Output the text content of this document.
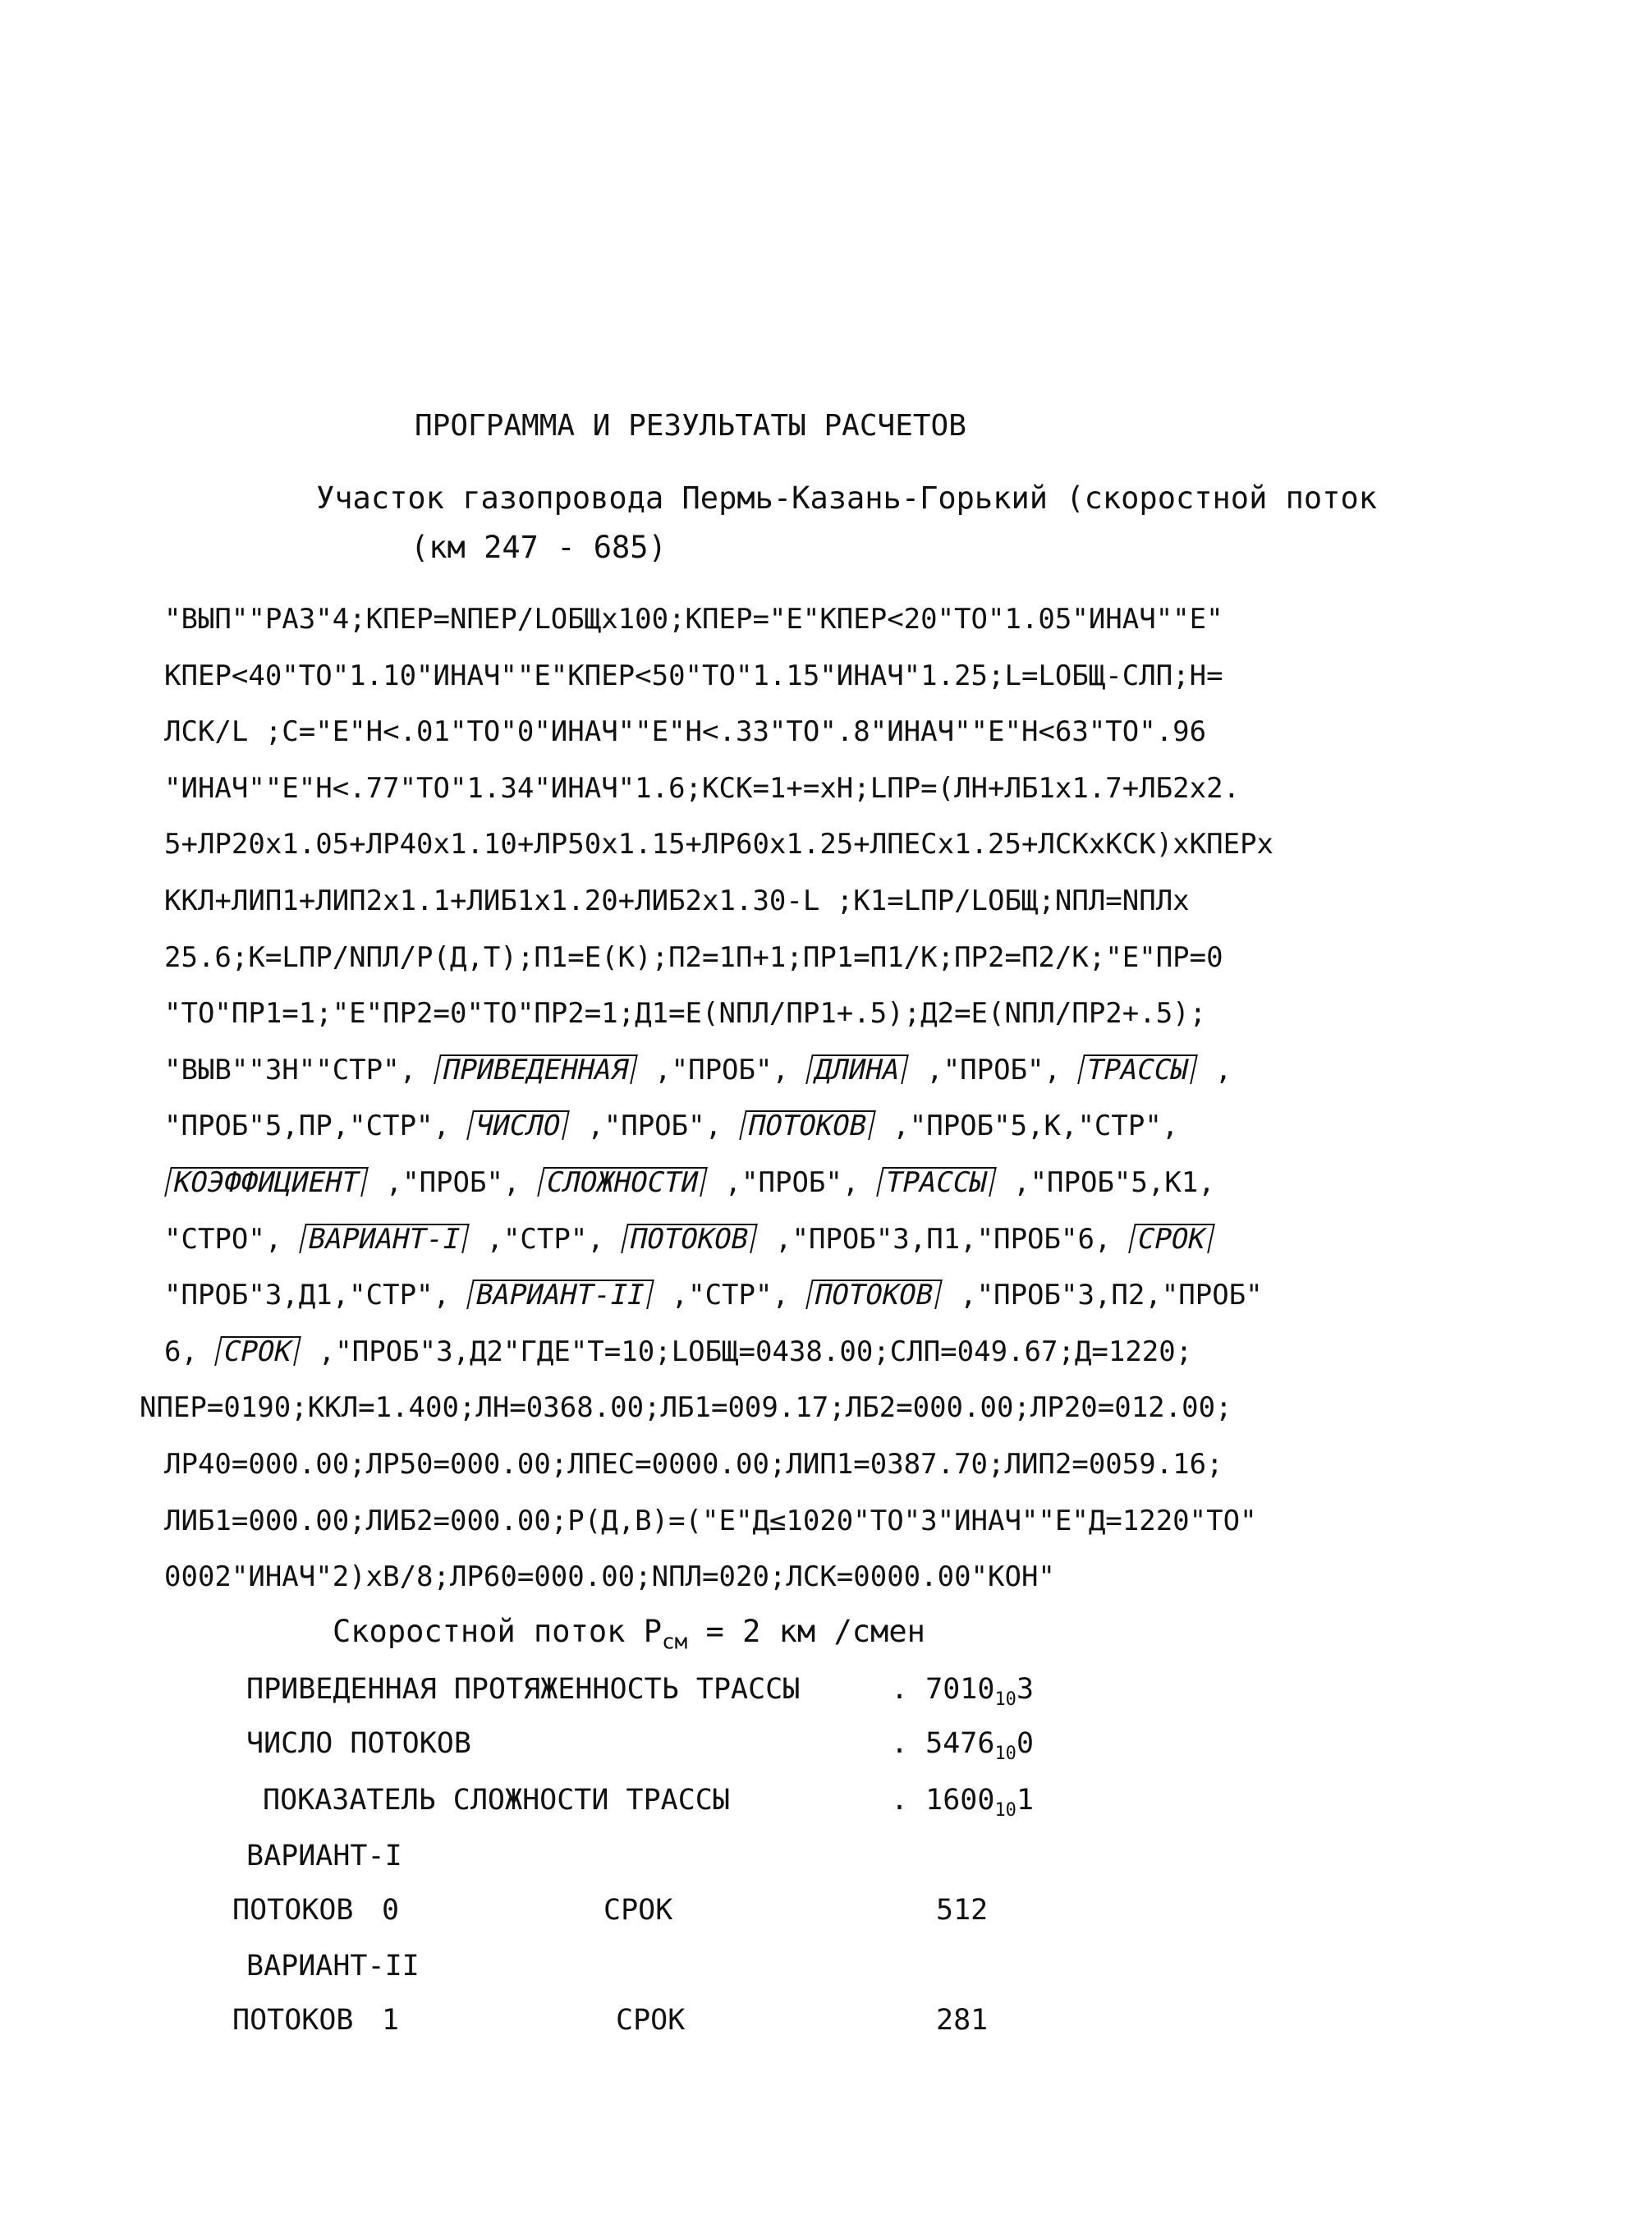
ПРОГРАММА И РЕЗУЛЬТАТЫ РАСЧЕТОВ
Участок газопровода Пермь-Казань-Горький (скоростной поток
(км 247 - 685)
"ВЫП""РАЗ"4;КПЕР=NПЕР/LОБЩх100;КПЕР="Е"КПЕР<20"ТО"1.05"ИНАЧ""Е"
КПЕР<40"ТО"1.10"ИНАЧ""Е"КПЕР<50"ТО"1.15"ИНАЧ"1.25;L=LОБЩ-СЛП;Н=
ЛСК/L ;С="Е"Н<.01"ТО"0"ИНАЧ""Е"Н<.33"ТО".8"ИНАЧ""Е"Н<63"ТО".96
"ИНАЧ""Е"Н<.77"ТО"1.34"ИНАЧ"1.6;КСК=1+=хН;LПР=(ЛН+ЛБ1х1.7+ЛБ2х2.
5+ЛР20х1.05+ЛР40х1.10+ЛР50х1.15+ЛР60х1.25+ЛПЕСх1.25+ЛСКхКСК)хКПЕРх
ККЛ+ЛИП1+ЛИП2х1.1+ЛИБ1х1.20+ЛИБ2х1.30-L ;К1=LПР/LОБЩ;NПЛ=NПЛх
25.6;К=LПР/NПЛ/Р(Д,Т);П1=Е(К);П2=1П+1;ПР1=П1/К;ПР2=П2/К;"Е"ПР=0
"ТО"ПР1=1;"Е"ПР2=0"ТО"ПР2=1;Д1=Е(NПЛ/ПР1+.5);Д2=Е(NПЛ/ПР2+.5);
"ВЫВ""ЗН""СТР", ПРИВЕДЕННАЯ ,"ПРОБ", ДЛИНА ,"ПРОБ", ТРАССЫ ,
"ПРОБ"5,ПР,"СТР", ЧИСЛО ,"ПРОБ", ПОТОКОВ ,"ПРОБ"5,К,"СТР",
КОЭФФИЦИЕНТ ,"ПРОБ", СЛОЖНОСТИ ,"ПРОБ", ТРАССЫ ,"ПРОБ"5,К1,
"СТРО", ВАРИАНТ-I ,"СТР", ПОТОКОВ ,"ПРОБ"3,П1,"ПРОБ"6, СРОК
"ПРОБ"3,Д1,"СТР", ВАРИАНТ-II ,"СТР", ПОТОКОВ ,"ПРОБ"3,П2,"ПРОБ"
6, СРОК ,"ПРОБ"3,Д2"ГДЕ"Т=10;LОБЩ=0438.00;СЛП=049.67;Д=1220;
NПЕР=0190;ККЛ=1.400;ЛН=0368.00;ЛБ1=009.17;ЛБ2=000.00;ЛР20=012.00;
ЛР40=000.00;ЛР50=000.00;ЛПЕС=0000.00;ЛИП1=0387.70;ЛИП2=0059.16;
ЛИБ1=000.00;ЛИБ2=000.00;Р(Д,В)=("Е"Д≤1020"ТО"3"ИНАЧ""Е"Д=1220"ТО"
0002"ИНАЧ"2)хВ/8;ЛР60=000.00;NПЛ=020;ЛСК=0000.00"КОН"
Скоростной поток $Р_{см} = 2$ км /смен
ПРИВЕДЕННАЯ ПРОТЯЖЕННОСТЬ ТРАССЫ	. $7010_{10}3$
ЧИСЛО ПОТОКОВ	. $5476_{10}0$
ПОКАЗАТЕЛЬ СЛОЖНОСТИ ТРАССЫ	. $1600_{10}1$
ВАРИАНТ-I
ПОТОКОВ 0	СРОК	512
ВАРИАНТ-II
ПОТОКОВ 1	СРОК	281
